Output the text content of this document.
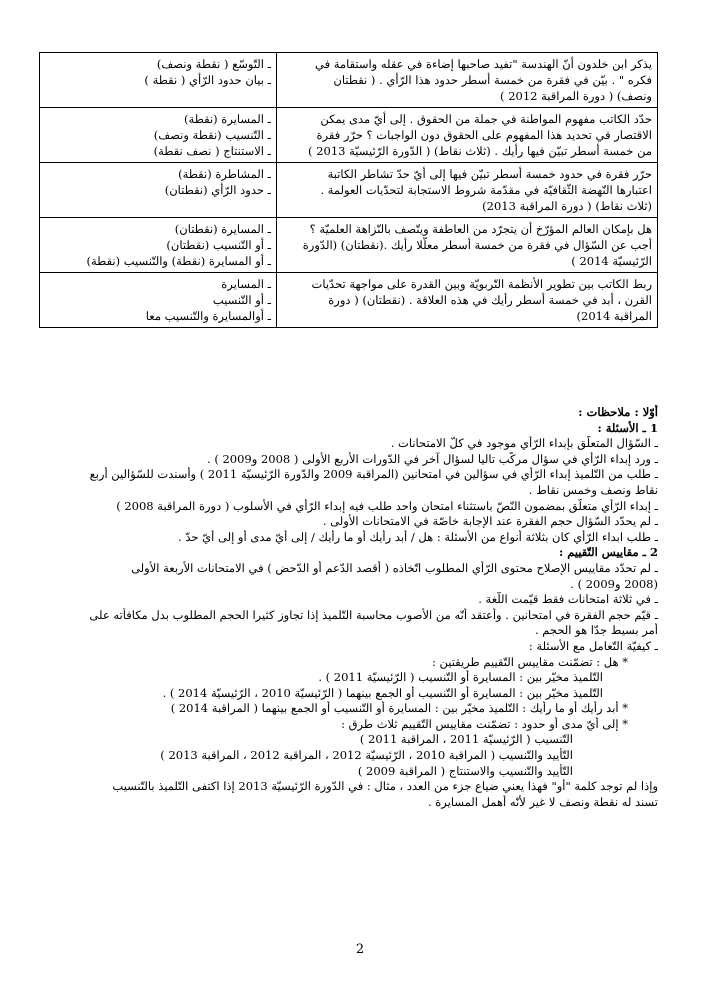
يذكر ابن خلدون أنّ الهندسة "تفيد صاحبها إضاءة في عقله واستقامة في
فكره " . بيّن في فقرة من خمسة أسطر حدود هذا الرّأي . ( نقطتان
ونصف) ( دورة المراقبة 2012 )	ـ التّوسّع ( نقطة ونصف)
ـ بيان حدود الرّأي ( نقطة )

حدّد الكاتب مفهوم المواطنة في جملة من الحقوق . إلى أيّ مدى يمكن
الاقتصار في تحديد هذا المفهوم على الحقوق دون الواجبات ؟ حرّر فقرة
من خمسة أسطر تبيّن فيها رأيك . (ثلاث نقاط) ( الدّورة الرّئيسيّة 2013 )	ـ المسايرة (نقطة)
ـ التّنسيب (نقطة ونصف)
ـ الاستنتاج ( نصف نقطة)

حرّر فقرة في حدود خمسة أسطر تبيّن فيها إلى أيّ حدّ تشاطر الكاتبة
اعتبارها النّهضة الثّقافيّة في مقدّمة شروط الاستجابة لتحدّيات العولمة .
(ثلاث نقاط) ( دورة المراقبة 2013)	ـ المشاطرة (نقطة)
ـ حدود الرّأي (نقطتان)

هل بإمكان العالم المؤرّخ أن يتجرّد من العاطفة ويتّصف بالنّزاهة العلميّة ؟
أجب عن السّؤال في فقرة من خمسة أسطر معلّلا رأيك .(نقطتان) (الدّورة
الرّئيسيّة 2014 )	ـ المسايرة (نقطتان)
ـ أو التّنسيب (نقطتان)
ـ أو المسايرة (نقطة) والتّنسيب (نقطة)

ربط الكاتب بين تطوير الأنظمة التّربويّة وبين القدرة على مواجهة تحدّيات
القرن ، أبد في خمسة أسطر رأيك في هذه العلاقة . (نقطتان) ( دورة
المراقبة 2014)	ـ المسايرة
ـ أو التّنسيب
ـ أوالمسايرة والتّنسيب معا
أوّلا : ملاحظات :
1 ـ الأسئلة :
ـ السّؤال المتعلّق بإبداء الرّأي موجود في كلّ الامتحانات .
ـ ورد إبداء الرّأي في سؤال مركّب تاليا لسؤال آخر في الدّورات الأربع الأولى ( 2008 و2009 ) .
ـ طلب من التّلميذ إبداء الرّأي في سؤالين في امتحانين (المراقبة 2009 والدّورة الرّئيسيّة 2011 ) وأسندت للسّؤالين أربع
نقاط ونصف وخمس نقاط .
ـ إبداء الرّأي متعلّق بمضمون النّصّ باستثناء امتحان واحد طلب فيه إبداء الرّأي في الأسلوب ( دورة المراقبة 2008 )
ـ لم يحدّد السّؤال حجم الفقرة عند الإجابة خاصّة في الامتحانات الأولى .
ـ طلب ابداء الرّأي كان بثلاثة أنواع من الأسئلة : هل / أبد رأيك أو ما رأيك / إلى أيّ مدى أو إلى أيّ حدّ .
2 ـ مقاييس التّقييم :
ـ لم تحدّد مقاييس الإصلاح محتوى الرّأي المطلوب اتّخاذه ( أقصد الدّعم أو الدّحض ) في الامتحانات الأربعة الأولى
(2008 و2009 ) .
ـ في ثلاثة امتحانات فقط قيّمت اللّغة .
ـ قيّم حجم الفقرة في امتحانين . وأعتقد أنّه من الأصوب محاسبة التّلميذ إذا تجاوز كثيرا الحجم المطلوب بدل مكافأته على
أمر بسيط جدّا هو الحجم .
ـ كيفيّة التّعامل مع الأسئلة :
* هل : تضمّنت مقاييس التّقييم طريقتين :
التّلميذ مخيّر بين : المسايرة أو التّنسيب ( الرّئيسيّة 2011 ) .
التّلميذ مخيّر بين : المسايرة أو التّنسيب أو الجمع بينهما ( الرّئيسيّة 2010 ، الرّئيسيّة 2014 ) .
* أبد رأيك أو ما رأيك : التّلميذ مخيّر بين : المسايرة أو التّنسيب أو الجمع بينهما ( المراقبة 2014 )
* إلى أيّ مدى أو حدود : تضمّنت مقاييس التّقييم ثلاث طرق :
التّنسيب ( الرّئيسيّة 2011 ، المراقبة 2011 )
التّأييد والتّنسيب ( المراقبة 2010 ، الرّئيسيّة 2012 ، المراقبة 2012 ، المراقبة 2013 )
التّأييد والتّنسيب والاستنتاج ( المراقبة 2009 )
وإذا لم توجد كلمة "أو" فهذا يعني ضياع جزء من العدد ، مثال : في الدّورة الرّئيسيّة 2013 إذا اكتفى التّلميذ بالتّنسيب
تسند له نقطة ونصف لا غير لأنّه أهمل المسايرة .
2
